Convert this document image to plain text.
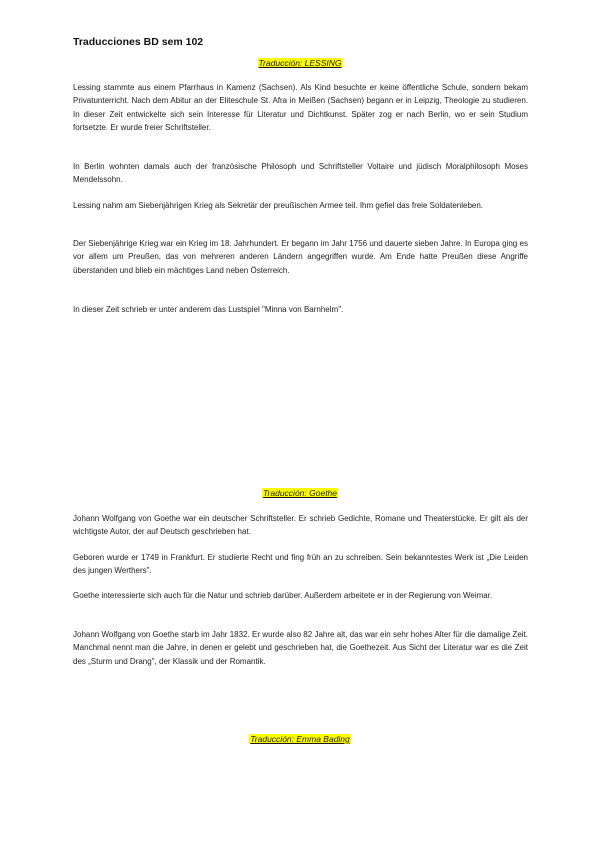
Traducciones BD sem 102
Traducción: LESSING

Lessing stammte aus einem Pfarrhaus in Kamenz (Sachsen). Als Kind besuchte er keine öffentliche Schule, sondern bekam Privatunterricht. Nach dem Abitur an der Eliteschule St. Afra in Meißen (Sachsen) begann er in Leipzig, Theologie zu studieren. In dieser Zeit entwickelte sich sein Interesse für Literatur und Dichtkunst. Später zog er nach Berlin, wo er sein Studium fortsetzte. Er wurde freier Schriftsteller.

In Berlin wohnten damals auch der französische Philosoph und Schriftsteller Voltaire und jüdisch Moralphilosoph Moses Mendelssohn.

Lessing nahm am Siebenjährigen Krieg als Sekretär der preußischen Armee teil. Ihm gefiel das freie Soldatenleben.

Der Siebenjährige Krieg war ein Krieg im 18. Jahrhundert. Er begann im Jahr 1756 und dauerte sieben Jahre. In Europa ging es vor allem um Preußen, das von mehreren anderen Ländern angegriffen wurde. Am Ende hatte Preußen diese Angriffe überstanden und blieb ein mächtiges Land neben Österreich.

In dieser Zeit schrieb er unter anderem das Lustspiel "Minna von Barnhelm".

Traducción: Goethe

Johann Wolfgang von Goethe war ein deutscher Schriftsteller. Er schrieb Gedichte, Romane und Theaterstücke. Er gilt als der wichtigste Autor, der auf Deutsch geschrieben hat.

Geboren wurde er 1749 in Frankfurt. Er studierte Recht und fing früh an zu schreiben. Sein bekanntestes Werk ist „Die Leiden des jungen Werthers".

Goethe interessierte sich auch für die Natur und schrieb darüber. Außerdem arbeitete er in der Regierung von Weimar.

Johann Wolfgang von Goethe starb im Jahr 1832. Er wurde also 82 Jahre alt, das war ein sehr hohes Alter für die damalige Zeit. Manchmal nennt man die Jahre, in denen er gelebt und geschrieben hat, die Goethezeit. Aus Sicht der Literatur war es die Zeit des „Sturm und Drang", der Klassik und der Romantik.

Traducción: Emma Bading
